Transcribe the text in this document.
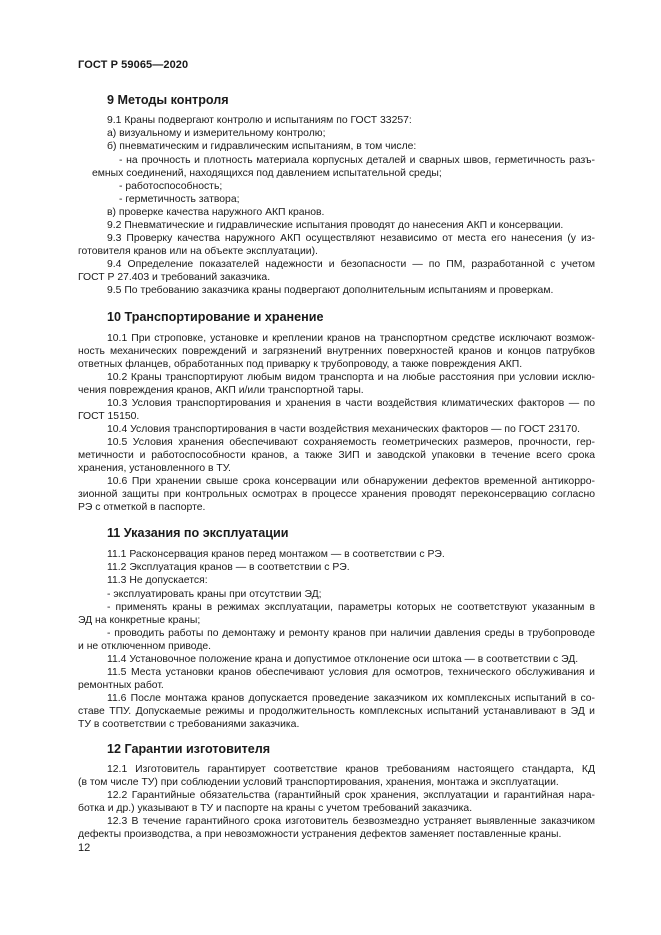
ГОСТ Р 59065—2020
9 Методы контроля
9.1 Краны подвергают контролю и испытаниям по ГОСТ 33257:
а) визуальному и измерительному контролю;
б) пневматическим и гидравлическим испытаниям, в том числе:
- на прочность и плотность материала корпусных деталей и сварных швов, герметичность разъ-
емных соединений, находящихся под давлением испытательной среды;
- работоспособность;
- герметичность затвора;
в) проверке качества наружного АКП кранов.
9.2 Пневматические и гидравлические испытания проводят до нанесения АКП и консервации.
9.3 Проверку качества наружного АКП осуществляют независимо от места его нанесения (у из-
готовителя кранов или на объекте эксплуатации).
9.4 Определение показателей надежности и безопасности — по ПМ, разработанной с учетом
ГОСТ Р 27.403 и требований заказчика.
9.5 По требованию заказчика краны подвергают дополнительным испытаниям и проверкам.
10 Транспортирование и хранение
10.1 При строповке, установке и креплении кранов на транспортном средстве исключают возмож-
ность механических повреждений и загрязнений внутренних поверхностей кранов и концов патрубков
ответных фланцев, обработанных под приварку к трубопроводу, а также повреждения АКП.
10.2 Краны транспортируют любым видом транспорта и на любые расстояния при условии исклю-
чения повреждения кранов, АКП и/или транспортной тары.
10.3 Условия транспортирования и хранения в части воздействия климатических факторов — по
ГОСТ 15150.
10.4 Условия транспортирования в части воздействия механических факторов — по ГОСТ 23170.
10.5 Условия хранения обеспечивают сохраняемость геометрических размеров, прочности, гер-
метичности и работоспособности кранов, а также ЗИП и заводской упаковки в течение всего срока
хранения, установленного в ТУ.
10.6 При хранении свыше срока консервации или обнаружении дефектов временной антикорро-
зионной защиты при контрольных осмотрах в процессе хранения проводят переконсервацию согласно
РЭ с отметкой в паспорте.
11 Указания по эксплуатации
11.1 Расконсервация кранов перед монтажом — в соответствии с РЭ.
11.2 Эксплуатация кранов — в соответствии с РЭ.
11.3 Не допускается:
- эксплуатировать краны при отсутствии ЭД;
- применять краны в режимах эксплуатации, параметры которых не соответствуют указанным в
ЭД на конкретные краны;
- проводить работы по демонтажу и ремонту кранов при наличии давления среды в трубопроводе
и не отключенном приводе.
11.4 Установочное положение крана и допустимое отклонение оси штока — в соответствии с ЭД.
11.5 Места установки кранов обеспечивают условия для осмотров, технического обслуживания и
ремонтных работ.
11.6 После монтажа кранов допускается проведение заказчиком их комплексных испытаний в со-
ставе ТПУ. Допускаемые режимы и продолжительность комплексных испытаний устанавливают в ЭД и
ТУ в соответствии с требованиями заказчика.
12 Гарантии изготовителя
12.1 Изготовитель гарантирует соответствие кранов требованиям настоящего стандарта, КД
(в том числе ТУ) при соблюдении условий транспортирования, хранения, монтажа и эксплуатации.
12.2 Гарантийные обязательства (гарантийный срок хранения, эксплуатации и гарантийная нара-
ботка и др.) указывают в ТУ и паспорте на краны с учетом требований заказчика.
12.3 В течение гарантийного срока изготовитель безвозмездно устраняет выявленные заказчиком
дефекты производства, а при невозможности устранения дефектов заменяет поставленные краны.
12
